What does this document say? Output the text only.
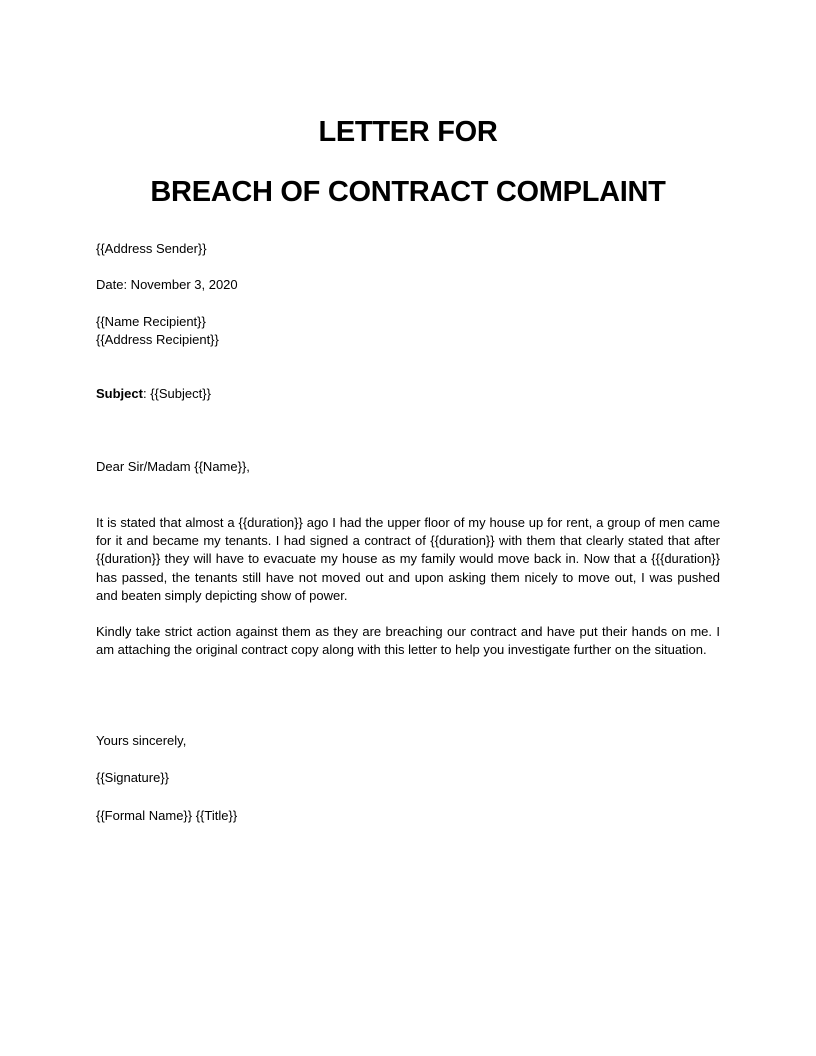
LETTER FOR
BREACH OF CONTRACT COMPLAINT
{{Address Sender}}
Date: November 3, 2020
{{Name Recipient}}
{{Address Recipient}}
Subject: {{Subject}}
Dear Sir/Madam {{Name}},

It is stated that almost a {{duration}} ago I had the upper floor of my house up for rent, a group of men came for it and became my tenants. I had signed a contract of {{duration}} with them that clearly stated that after {{duration}} they will have to evacuate my house as my family would move back in. Now that a {{{duration}} has passed, the tenants still have not moved out and upon asking them nicely to move out, I was pushed and beaten simply depicting show of power.

Kindly take strict action against them as they are breaching our contract and have put their hands on me. I am attaching the original contract copy along with this letter to help you investigate further on the situation.

Yours sincerely,
{{Signature}}
{{Formal Name}} {{Title}}
